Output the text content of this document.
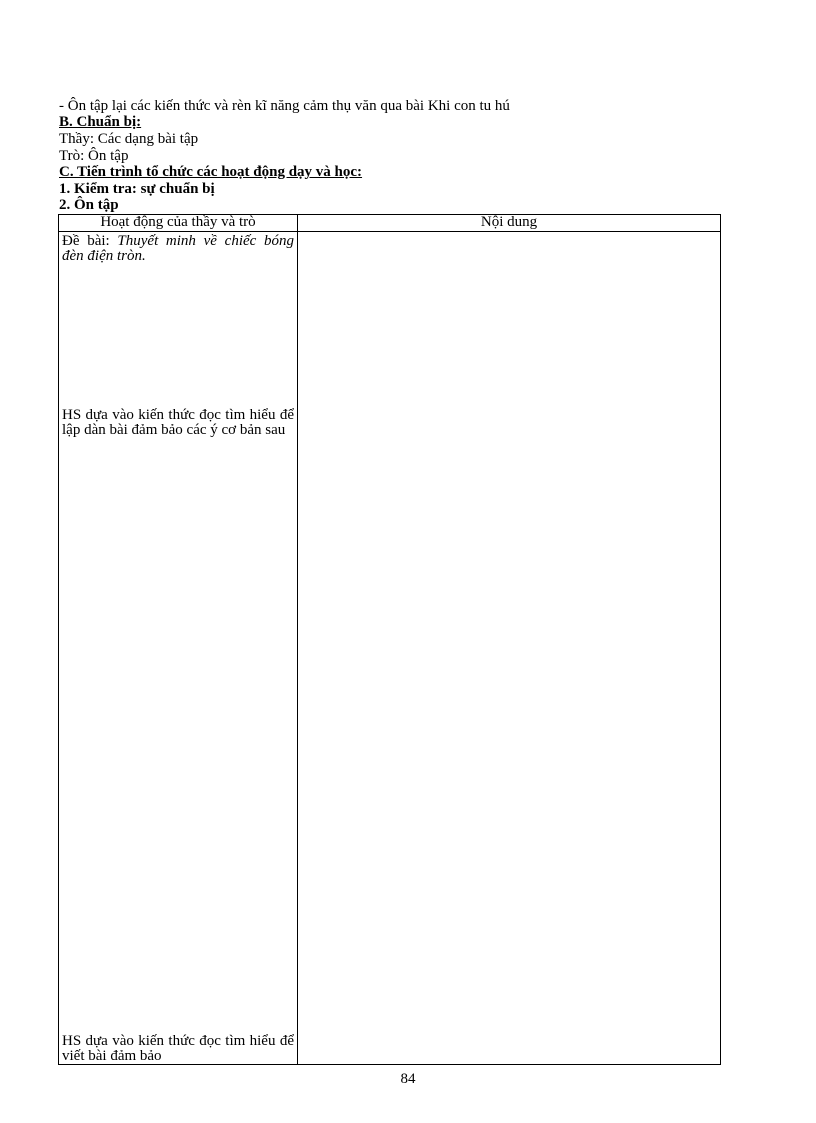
- Ôn tập lại các kiến thức và rèn kĩ năng cảm thụ văn qua bài Khi con tu hú
B. Chuẩn bị:
Thầy: Các dạng bài tập
Trò: Ôn tập
C. Tiến trình tổ chức các hoạt động dạy và học:
1. Kiểm tra: sự chuẩn bị
2. Ôn tập
Hoạt động của thầy và trò	Nội dung

Đề bài: Thuyết minh về chiếc bóng đèn điện tròn.
HS dựa vào kiến thức đọc tìm hiểu để lập dàn bài đảm bảo các ý cơ bản sau
HS dựa vào kiến thức đọc tìm hiểu để viết bài đảm bảo	

84
